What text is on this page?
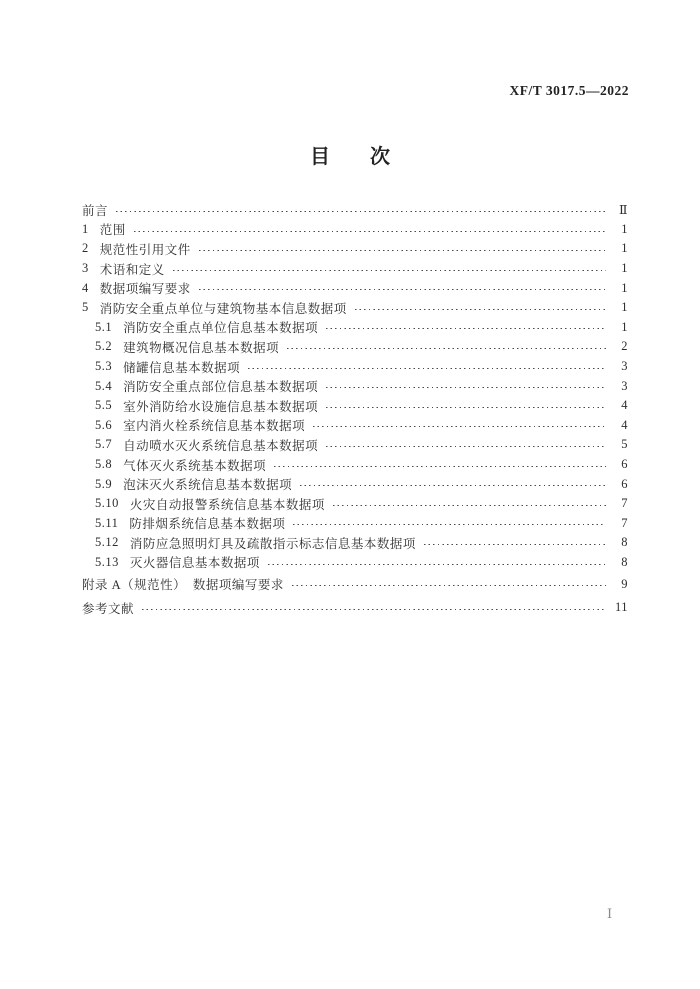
XF/T 3017.5—2022
目　　次
前言	Ⅱ
1 范围	1
2 规范性引用文件	1
3 术语和定义	1
4 数据项编写要求	1
5 消防安全重点单位与建筑物基本信息数据项	1
5.1 消防安全重点单位信息基本数据项	1
5.2 建筑物概况信息基本数据项	2
5.3 储罐信息基本数据项	3
5.4 消防安全重点部位信息基本数据项	3
5.5 室外消防给水设施信息基本数据项	4
5.6 室内消火栓系统信息基本数据项	4
5.7 自动喷水灭火系统信息基本数据项	5
5.8 气体灭火系统基本数据项	6
5.9 泡沫灭火系统信息基本数据项	6
5.10 火灾自动报警系统信息基本数据项	7
5.11 防排烟系统信息基本数据项	7
5.12 消防应急照明灯具及疏散指示标志信息基本数据项	8
5.13 灭火器信息基本数据项	8
附录 A（规范性）　数据项编写要求	9
参考文献	11
Ⅰ
